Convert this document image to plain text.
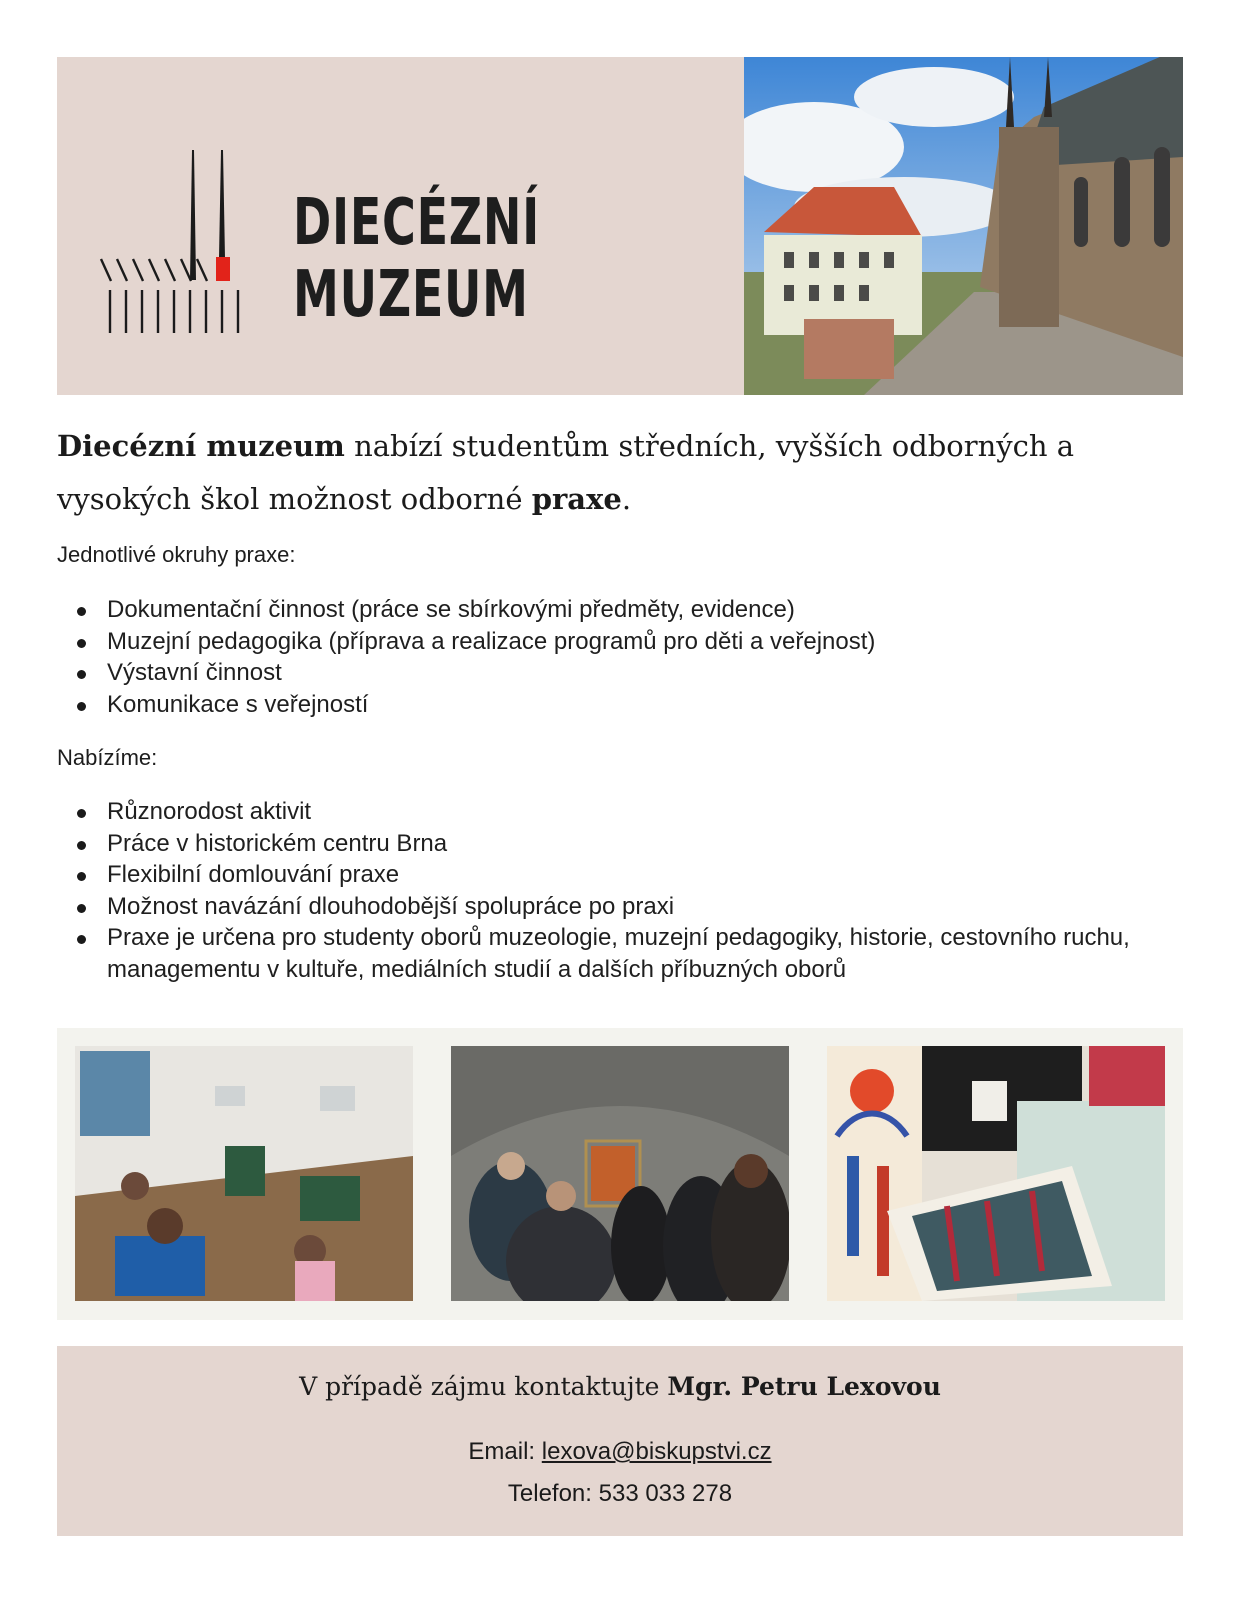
DIECÉZNÍ
MUZEUM
Diecézní muzeum nabízí studentům středních, vyšších odborných a vysokých škol možnost odborné praxe.
Jednotlivé okruhy praxe:
Dokumentační činnost (práce se sbírkovými předměty, evidence)
Muzejní pedagogika (příprava a realizace programů pro děti a veřejnost)
Výstavní činnost
Komunikace s veřejností
Nabízíme:
Různorodost aktivit
Práce v historickém centru Brna
Flexibilní domlouvání praxe
Možnost navázání dlouhodobější spolupráce po praxi
Praxe je určena pro studenty oborů muzeologie, muzejní pedagogiky, historie, cestovního ruchu, managementu v kultuře, mediálních studií a dalších příbuzných oborů
V případě zájmu kontaktujte Mgr. Petru Lexovou
Email: lexova@biskupstvi.cz
Telefon: 533 033 278
